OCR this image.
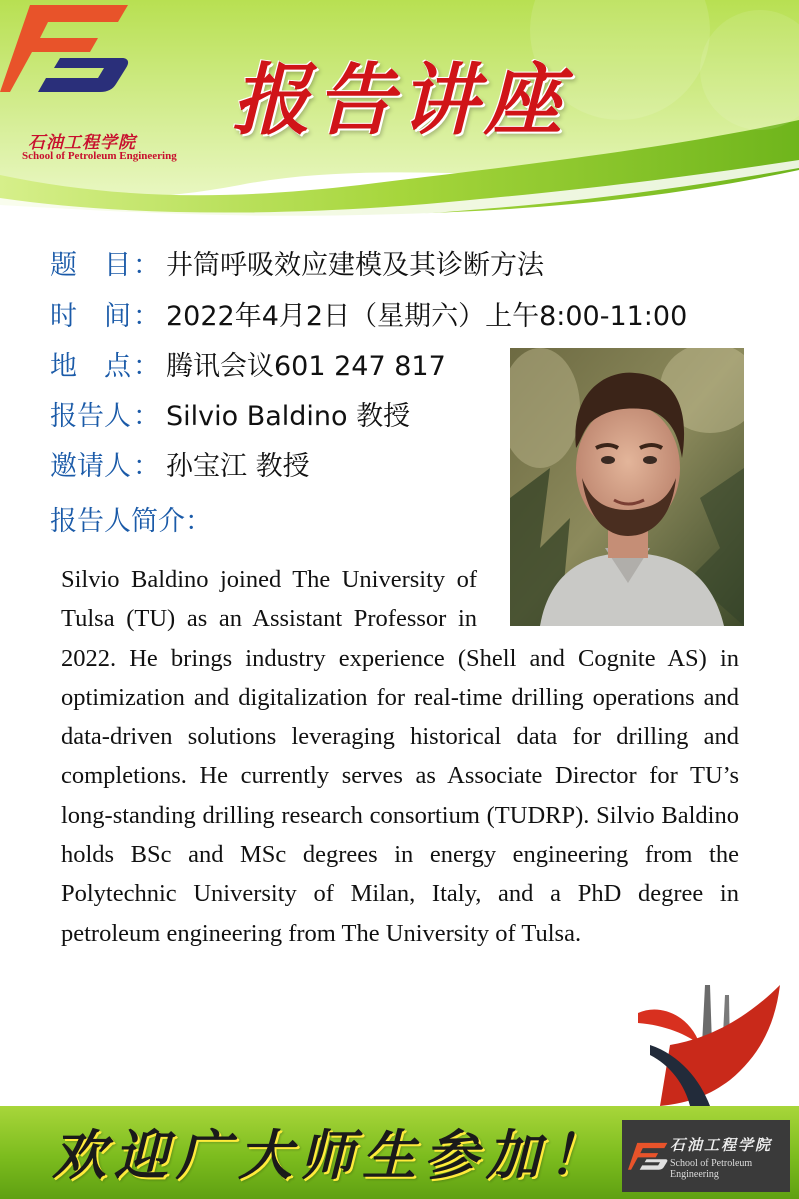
石油工程学院
School of Petroleum Engineering
报告讲座
题　目： 井筒呼吸效应建模及其诊断方法
时　间： 2022年4月2日（星期六）上午8:00-11:00
地　点： 腾讯会议601 247 817
报告人： Silvio Baldino 教授
邀请人： 孙宝江 教授
报告人简介：
Silvio Baldino joined The University of Tulsa (TU) as an Assistant Professor in 2022. He brings industry experience (Shell and Cognite AS) in optimization and digitalization for real-time drilling operations and data-driven solutions leveraging historical data for drilling and completions. He currently serves as Associate Director for TU’s long-standing drilling research consortium (TUDRP). Silvio Baldino holds BSc and MSc degrees in energy engineering from the Polytechnic University of Milan, Italy, and a PhD degree in petroleum engineering from The University of Tulsa.
欢迎广大师生参加！	石油工程学院
School of Petroleum Engineering
